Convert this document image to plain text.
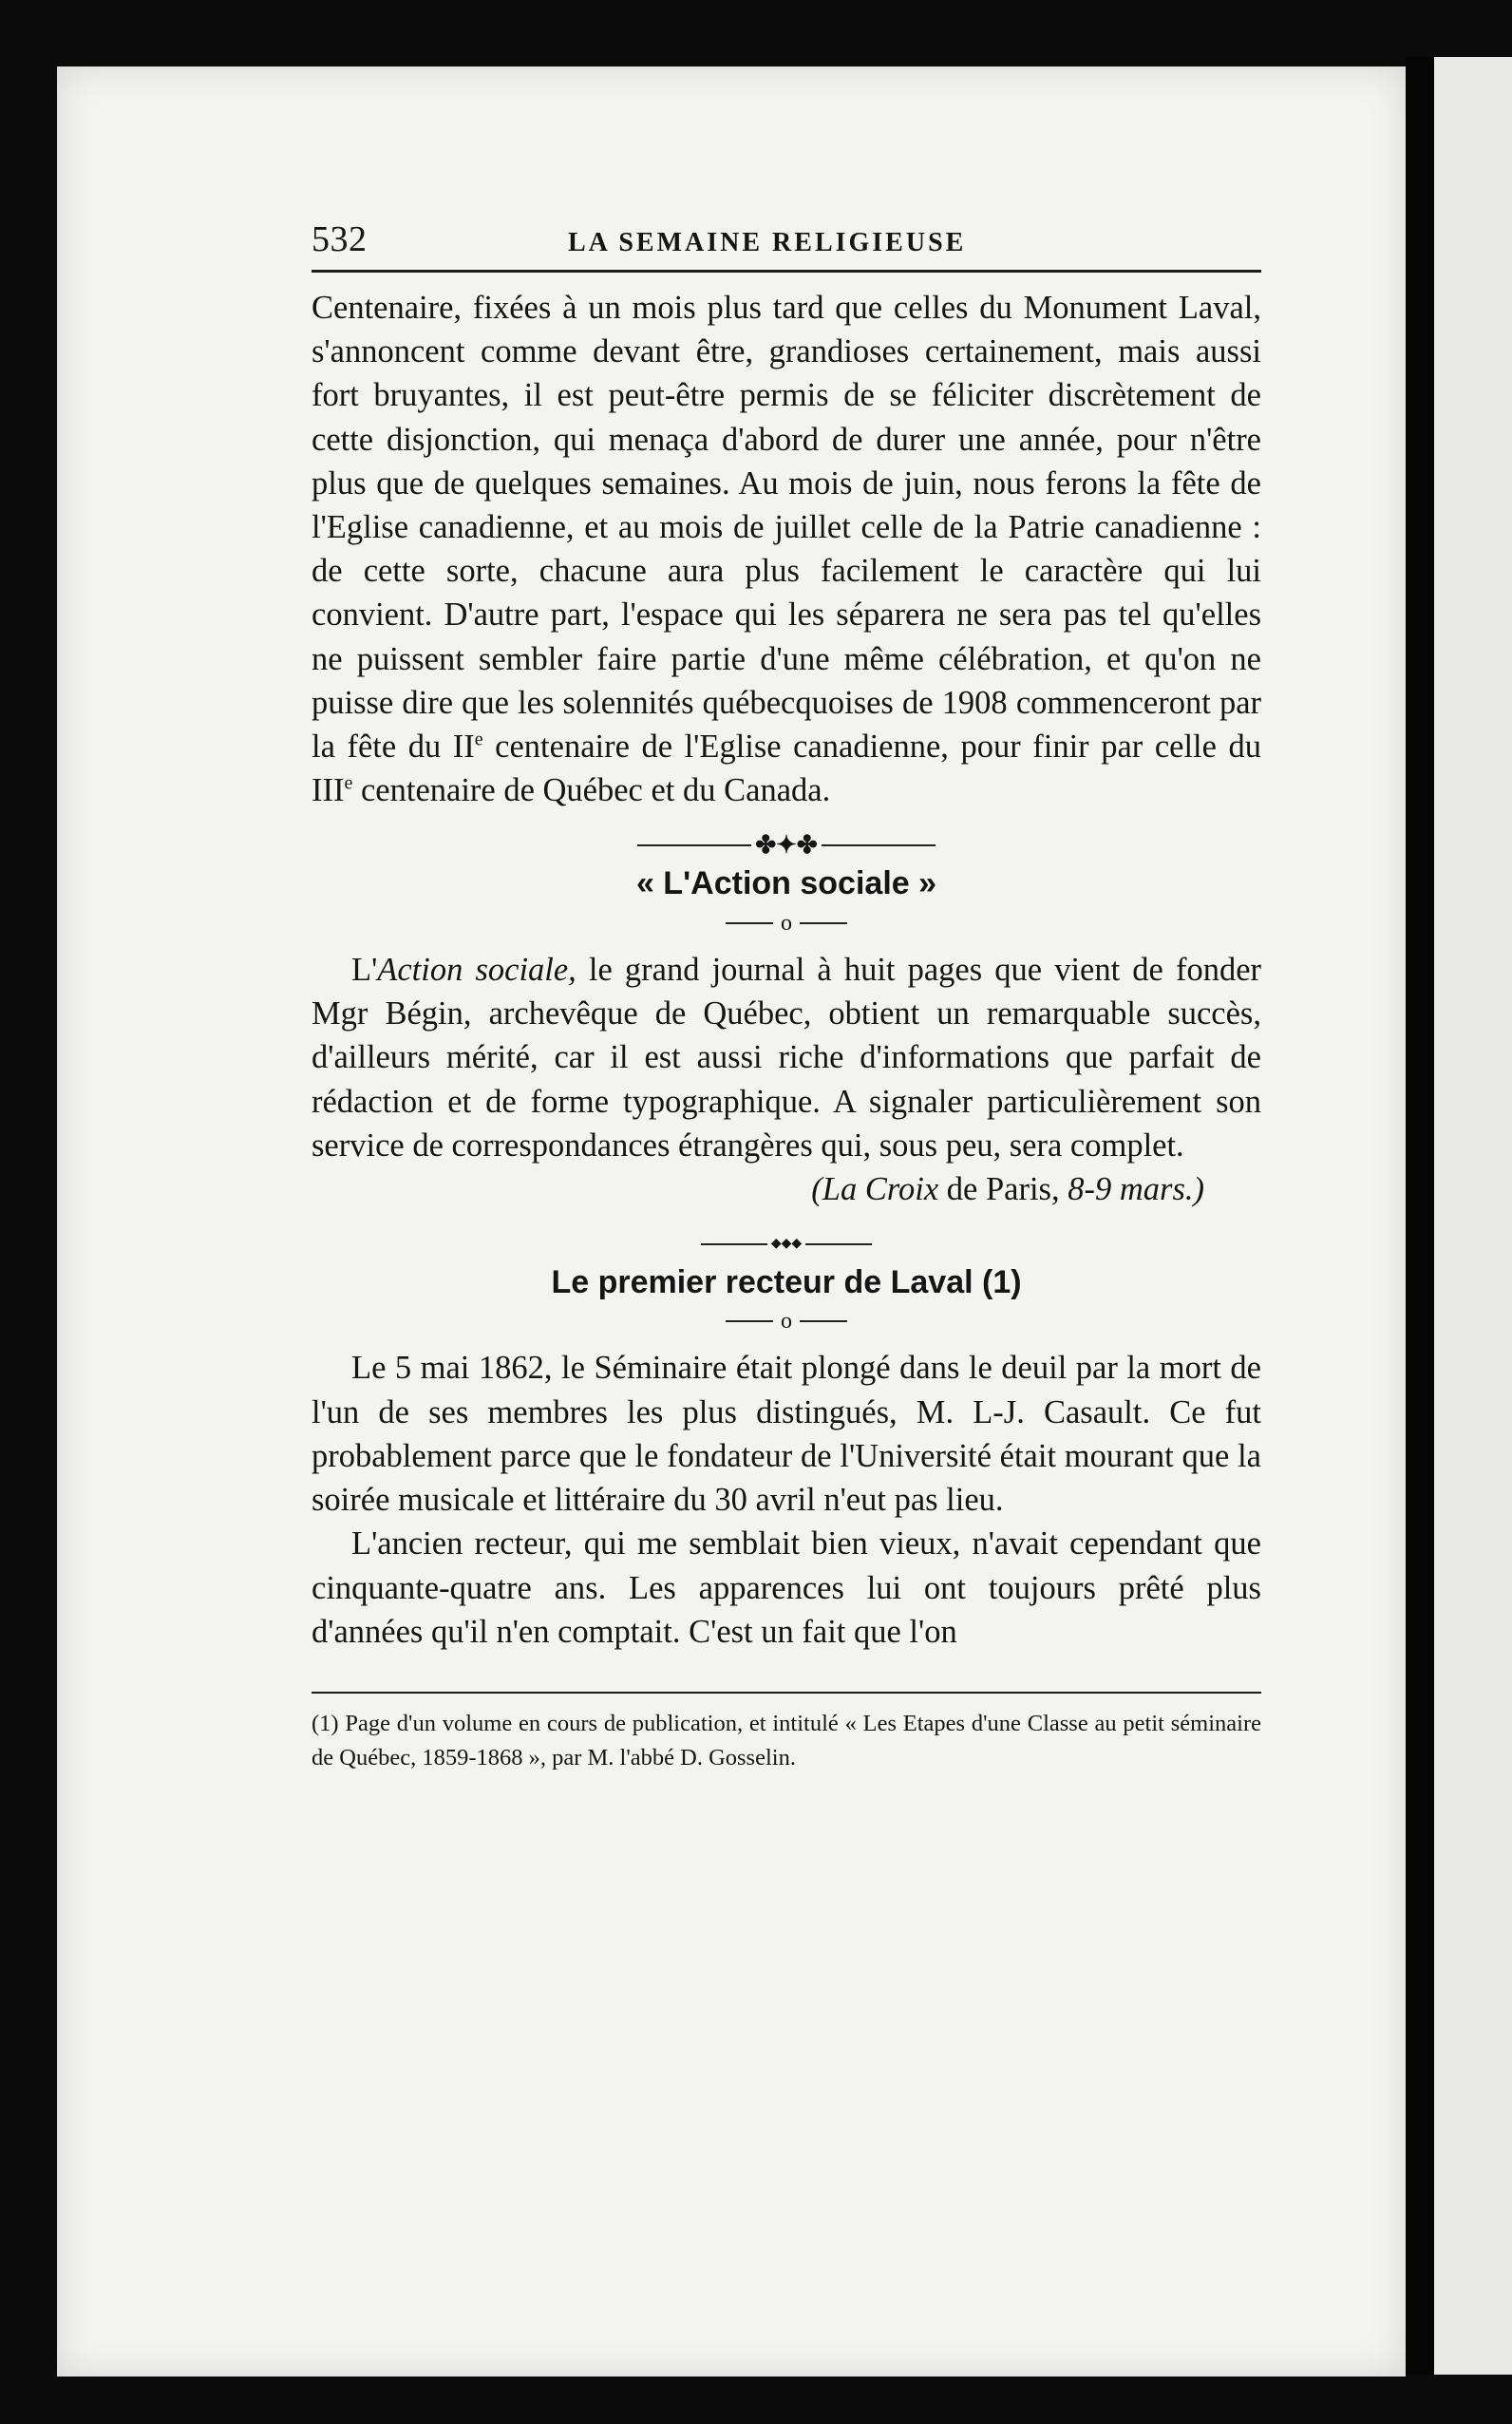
532	LA SEMAINE RELIGIEUSE

Centenaire, fixées à un mois plus tard que celles du Monument Laval, s'annoncent comme devant être, grandioses certainement, mais aussi fort bruyantes, il est peut-être permis de se féliciter discrètement de cette disjonction, qui menaça d'abord de durer une année, pour n'être plus que de quelques semaines. Au mois de juin, nous ferons la fête de l'Eglise canadienne, et au mois de juillet celle de la Patrie canadienne : de cette sorte, chacune aura plus facilement le caractère qui lui convient. D'autre part, l'espace qui les séparera ne sera pas tel qu'elles ne puissent sembler faire partie d'une même célébration, et qu'on ne puisse dire que les solennités québecquoises de 1908 commenceront par la fête du IIe centenaire de l'Eglise canadienne, pour finir par celle du IIIe centenaire de Québec et du Canada.

✤✦✤
« L'Action sociale »
o

L'Action sociale, le grand journal à huit pages que vient de fonder Mgr Bégin, archevêque de Québec, obtient un remarquable succès, d'ailleurs mérité, car il est aussi riche d'informations que parfait de rédaction et de forme typographique. A signaler particulièrement son service de correspondances étrangères qui, sous peu, sera complet.

(La Croix de Paris, 8-9 mars.)

◆◆◆
Le premier recteur de Laval (1)
o

Le 5 mai 1862, le Séminaire était plongé dans le deuil par la mort de l'un de ses membres les plus distingués, M. L-J. Casault. Ce fut probablement parce que le fondateur de l'Université était mourant que la soirée musicale et littéraire du 30 avril n'eut pas lieu.

L'ancien recteur, qui me semblait bien vieux, n'avait cependant que cinquante-quatre ans. Les apparences lui ont toujours prêté plus d'années qu'il n'en comptait. C'est un fait que l'on

(1) Page d'un volume en cours de publication, et intitulé « Les Etapes d'une Classe au petit séminaire de Québec, 1859-1868 », par M. l'abbé D. Gosselin.
